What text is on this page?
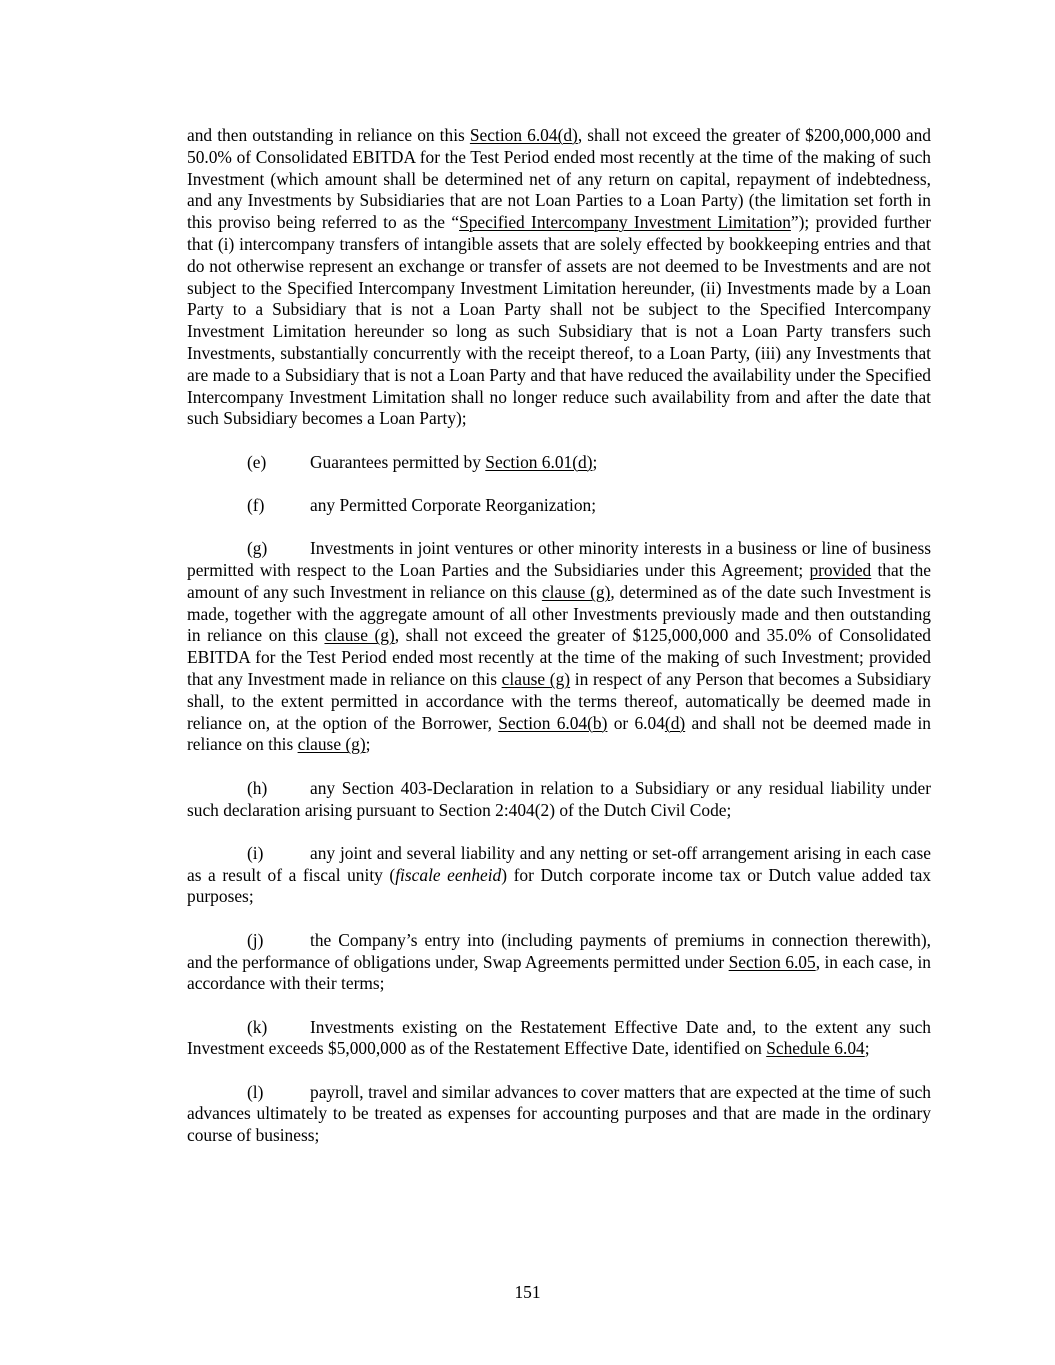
and then outstanding in reliance on this Section 6.04(d), shall not exceed the greater of $200,000,000 and 50.0% of Consolidated EBITDA for the Test Period ended most recently at the time of the making of such Investment (which amount shall be determined net of any return on capital, repayment of indebtedness, and any Investments by Subsidiaries that are not Loan Parties to a Loan Party) (the limitation set forth in this proviso being referred to as the “Specified Intercompany Investment Limitation”); provided further that (i) intercompany transfers of intangible assets that are solely effected by bookkeeping entries and that do not otherwise represent an exchange or transfer of assets are not deemed to be Investments and are not subject to the Specified Intercompany Investment Limitation hereunder, (ii) Investments made by a Loan Party to a Subsidiary that is not a Loan Party shall not be subject to the Specified Intercompany Investment Limitation hereunder so long as such Subsidiary that is not a Loan Party transfers such Investments, substantially concurrently with the receipt thereof, to a Loan Party, (iii) any Investments that are made to a Subsidiary that is not a Loan Party and that have reduced the availability under the Specified Intercompany Investment Limitation shall no longer reduce such availability from and after the date that such Subsidiary becomes a Loan Party);

(e)	Guarantees permitted by Section 6.01(d);

(f)	any Permitted Corporate Reorganization;

(g) Investments in joint ventures or other minority interests in a business or line of business permitted with respect to the Loan Parties and the Subsidiaries under this Agreement; provided that the amount of any such Investment in reliance on this clause (g), determined as of the date such Investment is made, together with the aggregate amount of all other Investments previously made and then outstanding in reliance on this clause (g), shall not exceed the greater of $125,000,000 and 35.0% of Consolidated EBITDA for the Test Period ended most recently at the time of the making of such Investment; provided that any Investment made in reliance on this clause (g) in respect of any Person that becomes a Subsidiary shall, to the extent permitted in accordance with the terms thereof, automatically be deemed made in reliance on, at the option of the Borrower, Section 6.04(b) or 6.04(d) and shall not be deemed made in reliance on this clause (g);

(h) any Section 403-Declaration in relation to a Subsidiary or any residual liability under such declaration arising pursuant to Section 2:404(2) of the Dutch Civil Code;

(i)	any joint and several liability and any netting or set-off arrangement arising in each case as a result of a fiscal unity (fiscale eenheid) for Dutch corporate income tax or Dutch value added tax purposes;

(j)	the Company’s entry into (including payments of premiums in connection therewith), and the performance of obligations under, Swap Agreements permitted under Section 6.05, in each case, in accordance with their terms;

(k) Investments existing on the Restatement Effective Date and, to the extent any such Investment exceeds $5,000,000 as of the Restatement Effective Date, identified on Schedule 6.04;

(l)	payroll, travel and similar advances to cover matters that are expected at the time of such advances ultimately to be treated as expenses for accounting purposes and that are made in the ordinary course of business;

151
